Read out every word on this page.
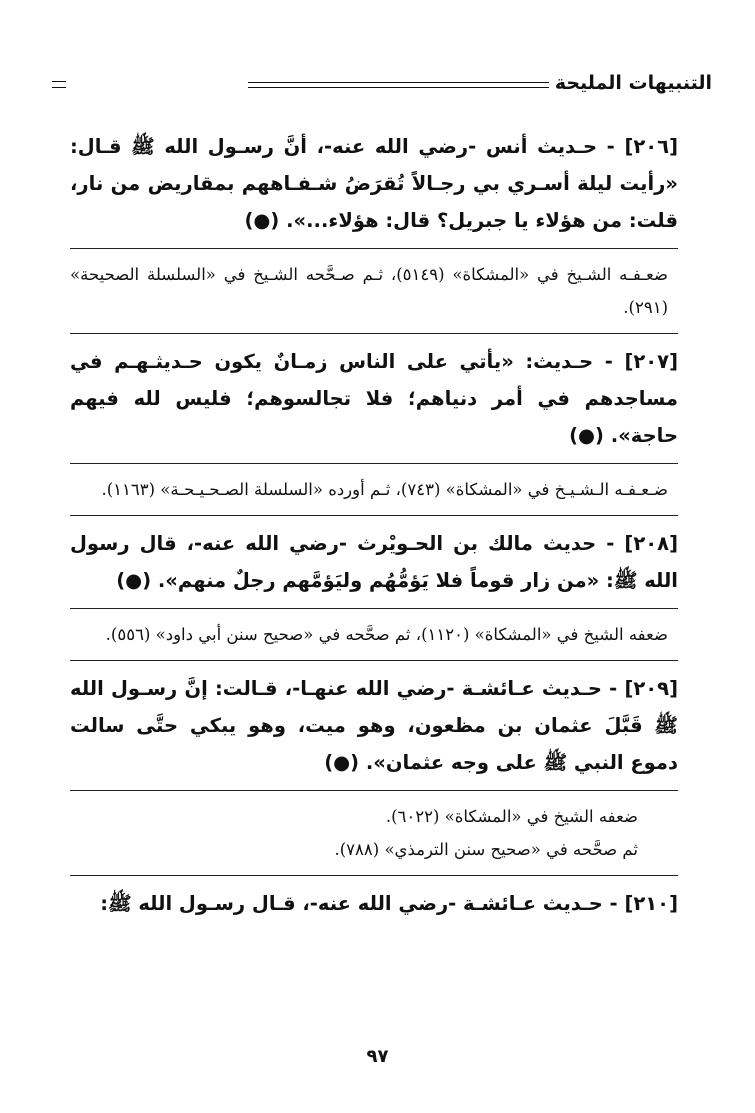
التنبيهات المليحة

[٢٠٦] - حـديث أنس -رضي الله عنه-، أنَّ رسـول الله ﷺ قـال: «رأيت ليلة أسـري بي رجـالاً تُقرَضُ شـفـاههم بمقاريض من نار، قلت: من هؤلاء يا جبريل؟ قال: هؤلاء...». (●)

ضعـفـه الشـيخ في «المشكاة» (٥١٤٩)، ثـم صـحَّحه الشـيخ في «السلسلة الصحيحة» (٢٩١).

[٢٠٧] - حـديث: «يأتي على الناس زمـانٌ يكون حـديثـهـم في مساجدهم في أمر دنياهم؛ فلا تجالسوهم؛ فليس لله فيهم حاجة». (●)

ضـعـفـه الـشـيـخ في «المشكاة» (٧٤٣)، ثـم أورده «السلسلة الصـحـيـحـة» (١١٦٣).

[٢٠٨] - حديث مالك بن الحـويْرث -رضي الله عنه-، قال رسول الله ﷺ: «من زار قوماً فلا يَؤمُّهُم وليَؤمَّهم رجلٌ منهم». (●)

ضعفه الشيخ في «المشكاة» (١١٢٠)، ثم صحَّحه في «صحيح سنن أبي داود» (٥٥٦).

[٢٠٩] - حـديث عـائشـة -رضي الله عنهـا-، قـالت: إنَّ رسـول الله ﷺ قَبَّلَ عثمان بن مظعون، وهو ميت، وهو يبكي حتَّى سالت دموع النبي ﷺ على وجه عثمان». (●)

ضعفه الشيخ في «المشكاة» (٦٠٢٢).

ثم صحَّحه في «صحيح سنن الترمذي» (٧٨٨).

[٢١٠] - حـديث عـائشـة -رضي الله عنه-، قـال رسـول الله ﷺ:

٩٧
